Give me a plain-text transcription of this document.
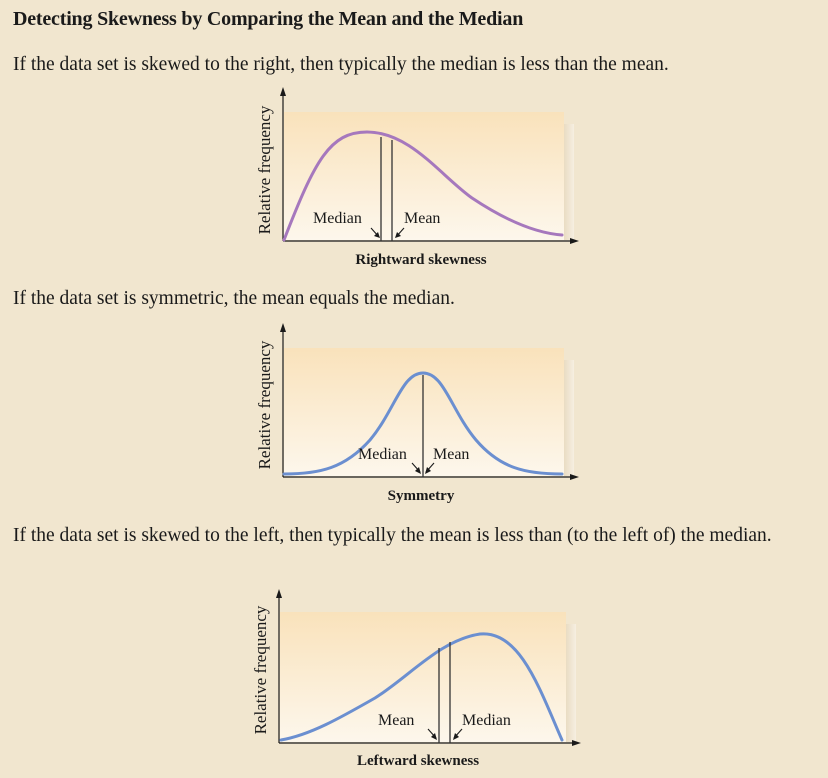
Detecting Skewness by Comparing the Mean and the Median
If the data set is skewed to the right, then typically the median is less than the mean.
Relative frequency Median	Mean
Rightward skewness
If the data set is symmetric, the mean equals the median.
Relative frequency	Median Mean
Symmetry
If the data set is skewed to the left, then typically the mean is less than (to the left of) the median.
Relative frequency	Mean	Median
Leftward skewness
